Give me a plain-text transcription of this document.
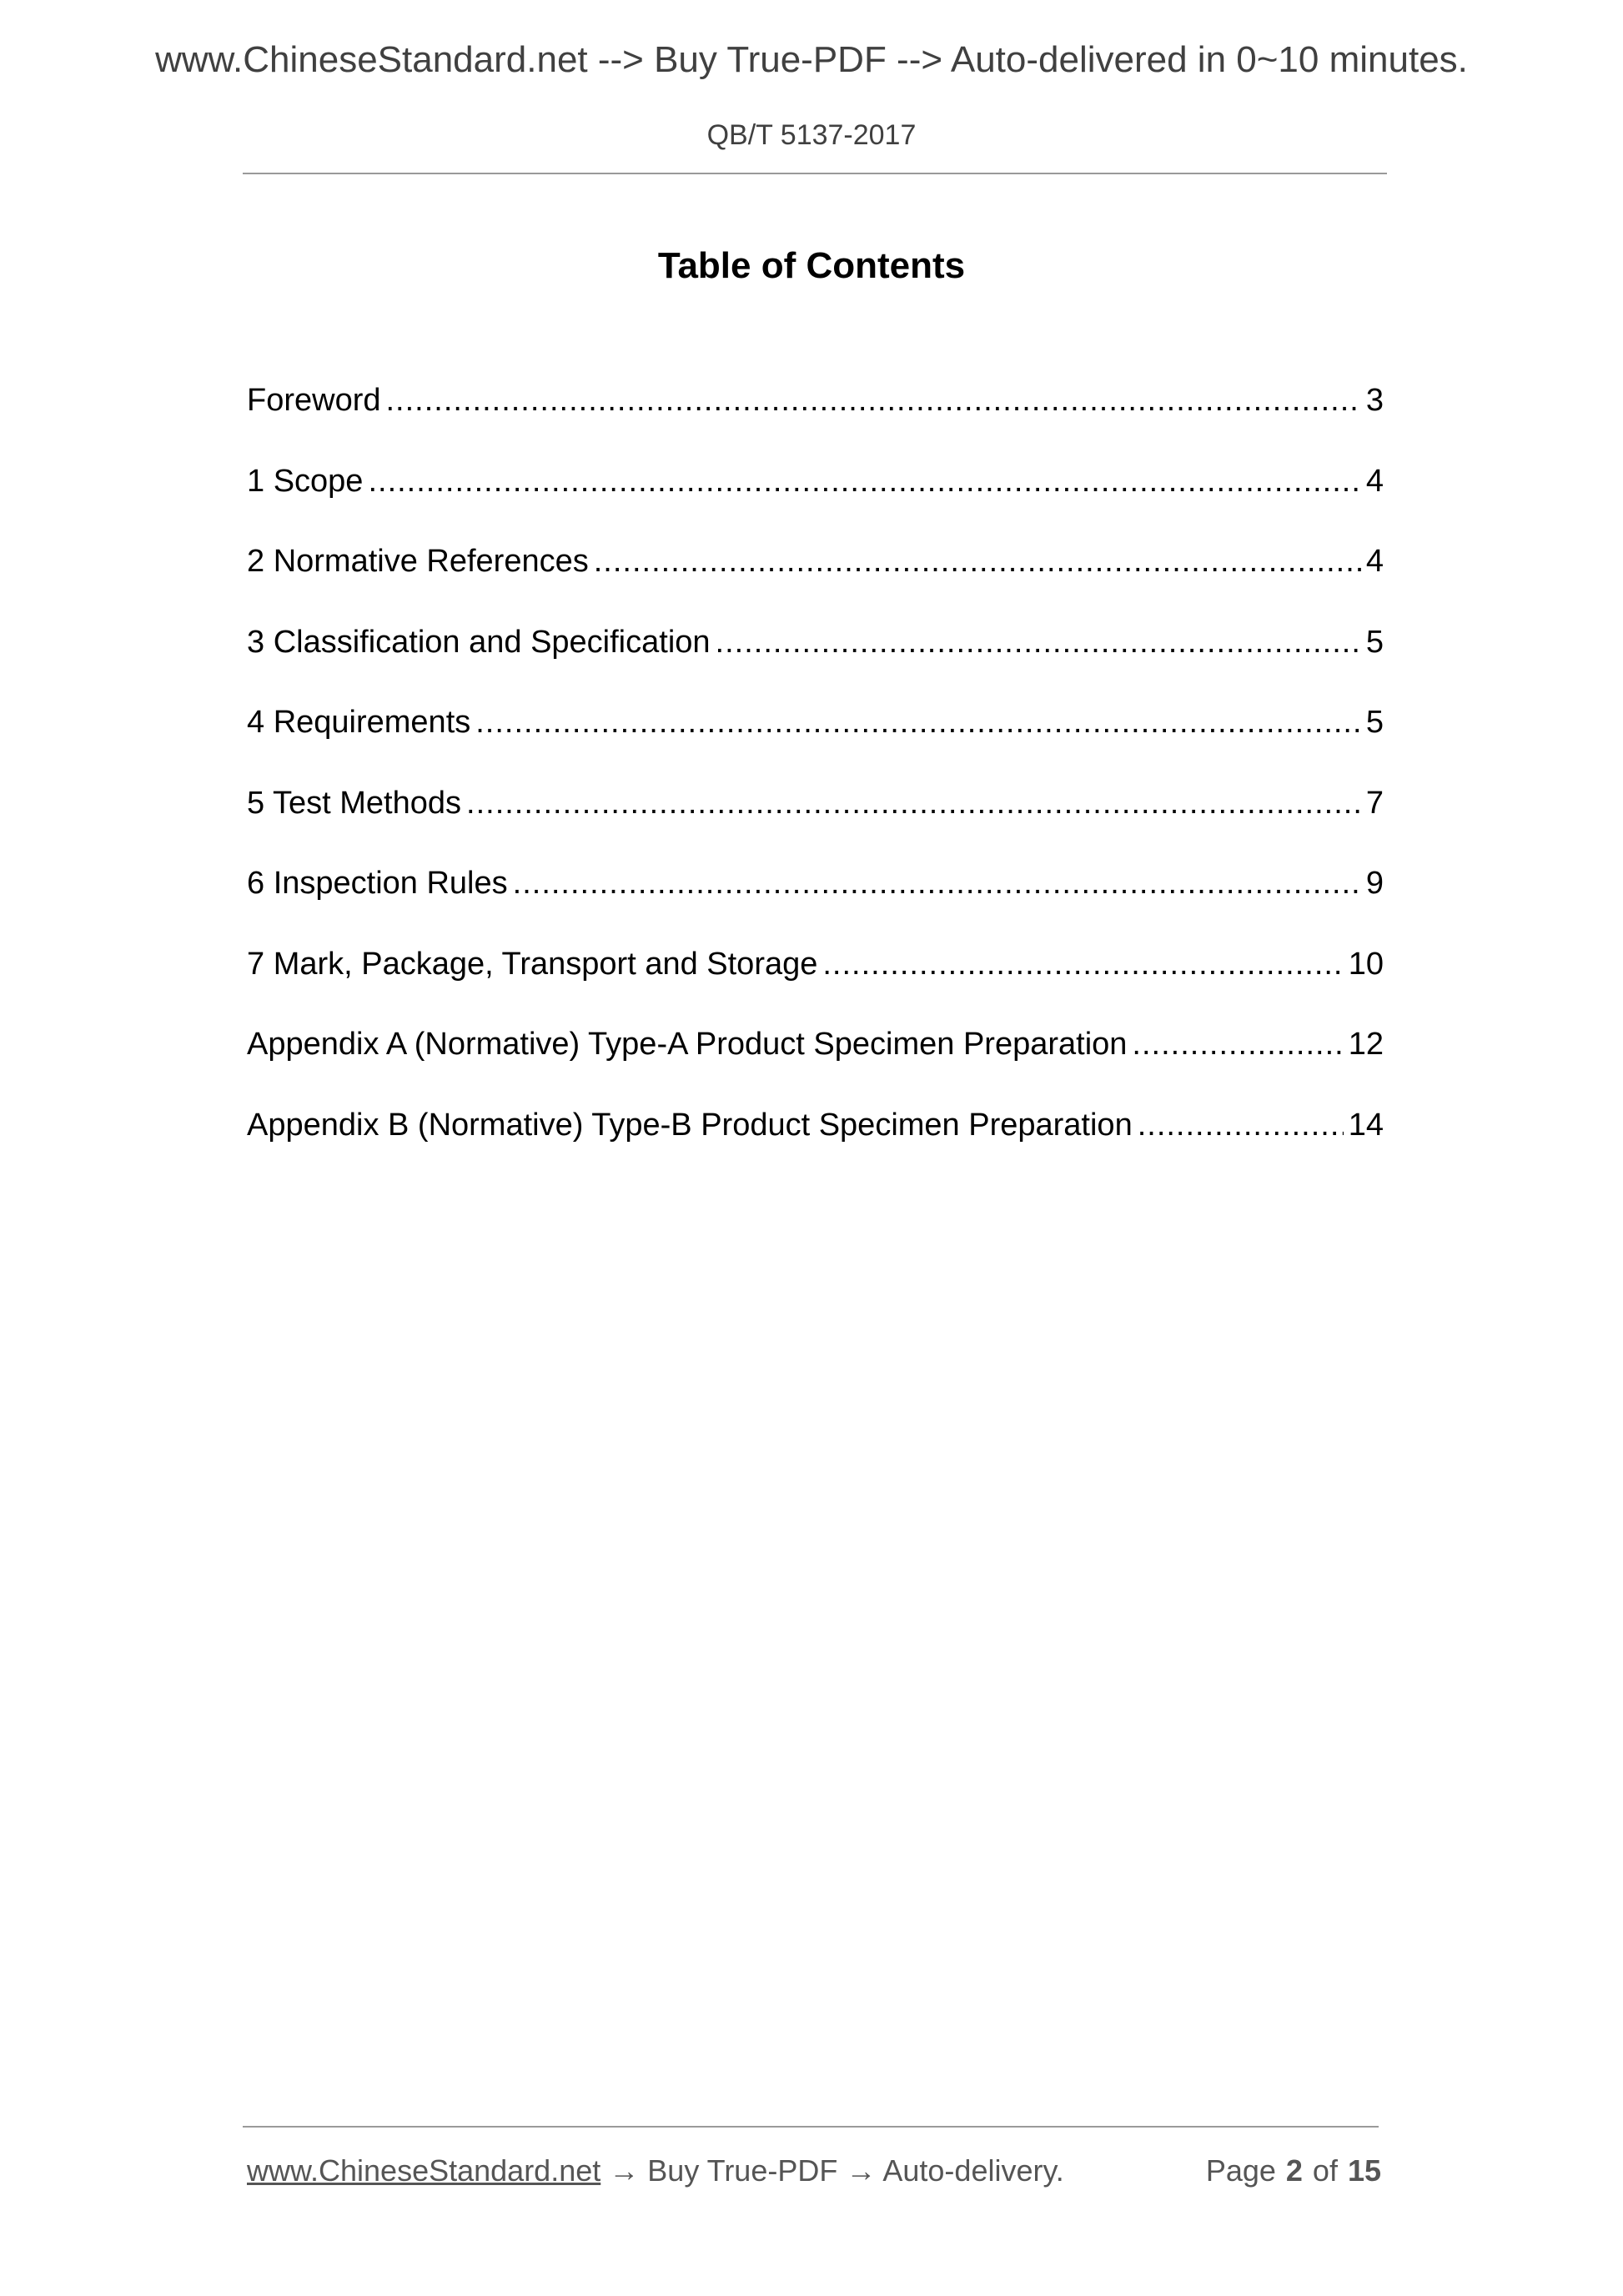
www.ChineseStandard.net --> Buy True-PDF --> Auto-delivered in 0~10 minutes.
QB/T 5137-2017
Table of Contents
Foreword .....	3
1 Scope .....	4
2 Normative References .....	4
3 Classification and Specification .....	5
4 Requirements .....	5
5 Test Methods .....	7
6 Inspection Rules .....	9
7 Mark, Package, Transport and Storage .....	10
Appendix A (Normative) Type-A Product Specimen Preparation .....	12
Appendix B (Normative) Type-B Product Specimen Preparation .....	14
www.ChineseStandard.net → Buy True-PDF → Auto-delivery.	Page 2 of 15
